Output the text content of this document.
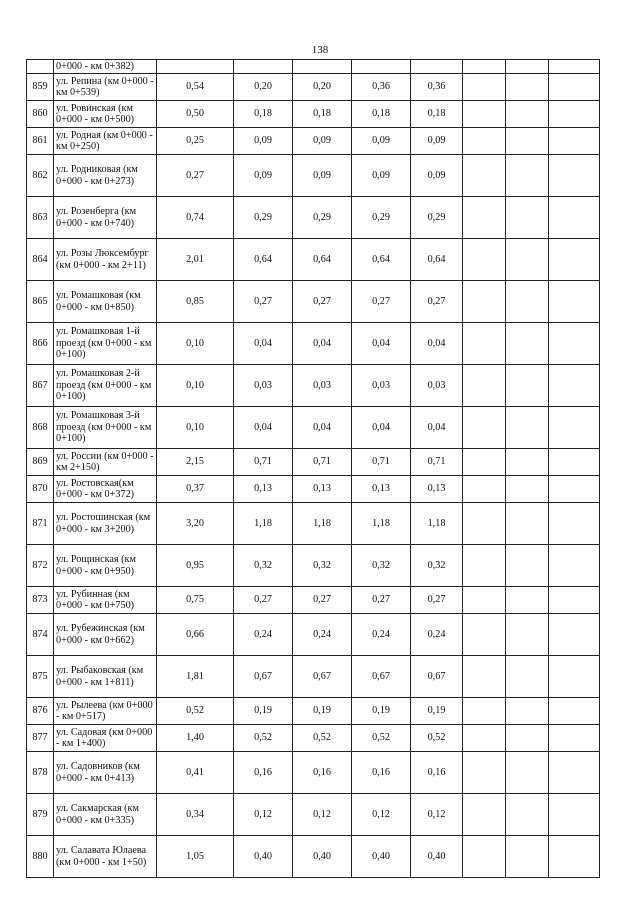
138
	0+000 - км 0+382)								
859	ул. Репина (км 0+000 - км 0+539)	0,54	0,20	0,20	0,36	0,36			
860	ул. Ровинская (км 0+000 - км 0+500)	0,50	0,18	0,18	0,18	0,18			
861	ул. Родная (км 0+000 - км 0+250)	0,25	0,09	0,09	0,09	0,09			
862	ул. Родниковая (км 0+000 - км 0+273)	0,27	0,09	0,09	0,09	0,09			
863	ул. Розенберга (км 0+000 - км 0+740)	0,74	0,29	0,29	0,29	0,29			
864	ул. Розы Люксембург (км 0+000 - км 2+11)	2,01	0,64	0,64	0,64	0,64			
865	ул. Ромашковая (км 0+000 - км 0+850)	0,85	0,27	0,27	0,27	0,27			
866	ул. Ромашковая 1-й проезд (км 0+000 - км 0+100)	0,10	0,04	0,04	0,04	0,04			
867	ул. Ромашковая 2-й проезд (км 0+000 - км 0+100)	0,10	0,03	0,03	0,03	0,03			
868	ул. Ромашковая 3-й проезд (км 0+000 - км 0+100)	0,10	0,04	0,04	0,04	0,04			
869	ул. России (км 0+000 - км 2+150)	2,15	0,71	0,71	0,71	0,71			
870	ул. Ростовская(км 0+000 - км 0+372)	0,37	0,13	0,13	0,13	0,13			
871	ул. Ростошинская (км 0+000 - км 3+200)	3,20	1,18	1,18	1,18	1,18			
872	ул. Рощинская (км 0+000 - км 0+950)	0,95	0,32	0,32	0,32	0,32			
873	ул. Рубинная (км 0+000 - км 0+750)	0,75	0,27	0,27	0,27	0,27			
874	ул. Рубежинская (км 0+000 - км 0+662)	0,66	0,24	0,24	0,24	0,24			
875	ул. Рыбаковская (км 0+000 - км 1+811)	1,81	0,67	0,67	0,67	0,67			
876	ул. Рылеева (км 0+000 - км 0+517)	0,52	0,19	0,19	0,19	0,19			
877	ул. Садовая (км 0+000 - км 1+400)	1,40	0,52	0,52	0,52	0,52			
878	ул. Садовников (км 0+000 - км 0+413)	0,41	0,16	0,16	0,16	0,16			
879	ул. Сакмарская (км 0+000 - км 0+335)	0,34	0,12	0,12	0,12	0,12			
880	ул. Салавата Юлаева (км 0+000 - км 1+50)	1,05	0,40	0,40	0,40	0,40			
